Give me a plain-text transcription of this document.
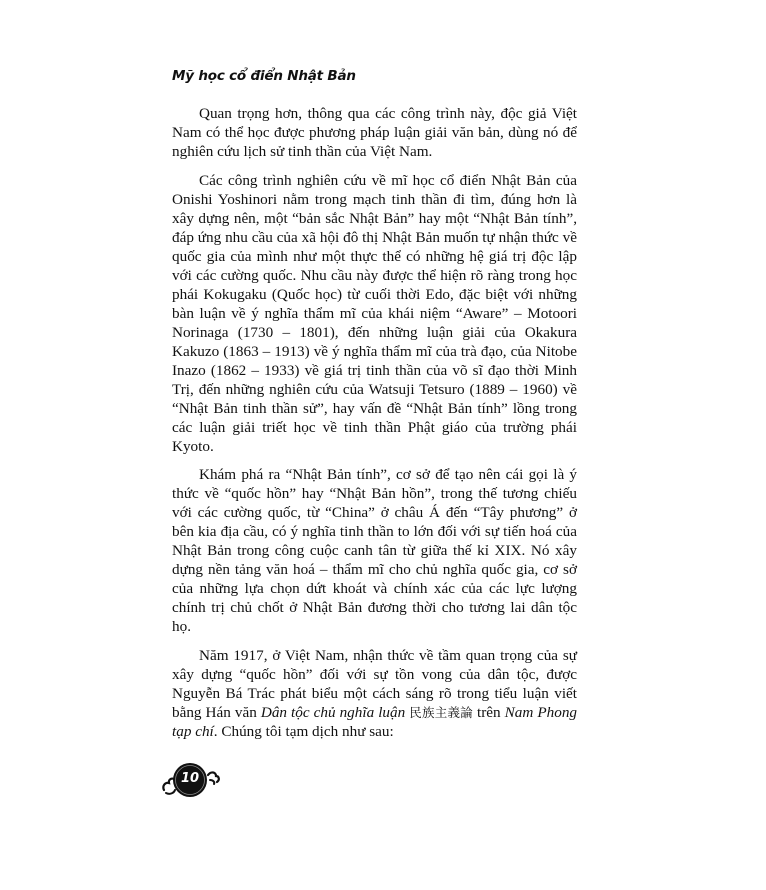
Mỹ học cổ điển Nhật Bản

Quan trọng hơn, thông qua các công trình này, độc giả Việt Nam có thể học được phương pháp luận giải văn bản, dùng nó để nghiên cứu lịch sử tinh thần của Việt Nam.

Các công trình nghiên cứu về mĩ học cổ điển Nhật Bản của Onishi Yoshinori nằm trong mạch tinh thần đi tìm, đúng hơn là xây dựng nên, một “bản sắc Nhật Bản” hay một “Nhật Bản tính”, đáp ứng nhu cầu của xã hội đô thị Nhật Bản muốn tự nhận thức về quốc gia của mình như một thực thể có những hệ giá trị độc lập với các cường quốc. Nhu cầu này được thể hiện rõ ràng trong học phái Kokugaku (Quốc học) từ cuối thời Edo, đặc biệt với những bàn luận về ý nghĩa thẩm mĩ của khái niệm “Aware” – Motoori Norinaga (1730 – 1801), đến những luận giải của Okakura Kakuzo (1863 – 1913) về ý nghĩa thẩm mĩ của trà đạo, của Nitobe Inazo (1862 – 1933) về giá trị tinh thần của võ sĩ đạo thời Minh Trị, đến những nghiên cứu của Watsuji Tetsuro (1889 – 1960) về “Nhật Bản tinh thần sử”, hay vấn đề “Nhật Bản tính” lồng trong các luận giải triết học về tinh thần Phật giáo của trường phái Kyoto.

Khám phá ra “Nhật Bản tính”, cơ sở để tạo nên cái gọi là ý thức về “quốc hồn” hay “Nhật Bản hồn”, trong thế tương chiếu với các cường quốc, từ “China” ở châu Á đến “Tây phương” ở bên kia địa cầu, có ý nghĩa tinh thần to lớn đối với sự tiến hoá của Nhật Bản trong công cuộc canh tân từ giữa thế kỉ XIX. Nó xây dựng nền tảng văn hoá – thẩm mĩ cho chủ nghĩa quốc gia, cơ sở của những lựa chọn dứt khoát và chính xác của các lực lượng chính trị chủ chốt ở Nhật Bản đương thời cho tương lai dân tộc họ.

Năm 1917, ở Việt Nam, nhận thức về tầm quan trọng của sự xây dựng “quốc hồn” đối với sự tồn vong của dân tộc, được Nguyễn Bá Trác phát biểu một cách sáng rõ trong tiểu luận viết bằng Hán văn Dân tộc chủ nghĩa luận 民族主義論 trên Nam Phong tạp chí. Chúng tôi tạm dịch như sau:

10
